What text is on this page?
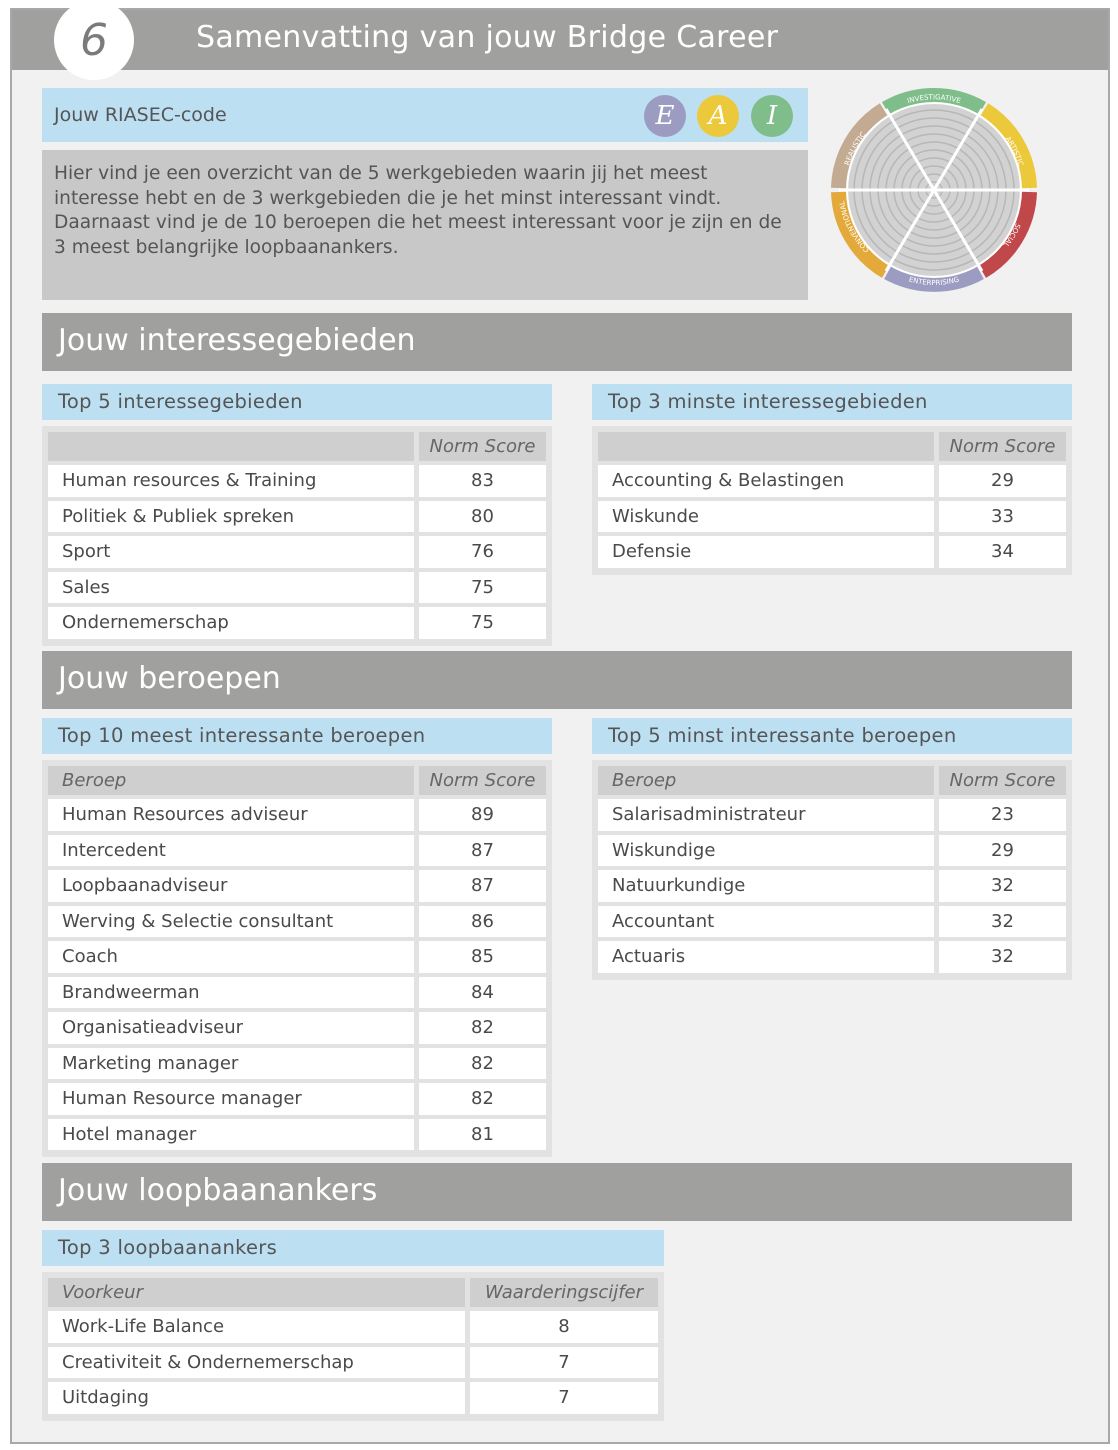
6	Samenvatting van jouw Bridge Career
Jouw RIASEC-code	E	A	I
Hier vind je een overzicht van de 5 werkgebieden waarin jij het meest interesse hebt en de 3 werkgebieden die je het minst interessant vindt. Daarnaast vind je de 10 beroepen die het meest interessant voor je zijn en de 3 meest belangrijke loopbaanankers.
INVESTIGATIVE
ARTISTIC
SOCIAL
ENTERPRISING
CONVENTIONAL
REALISTIC
Jouw interessegebieden
Top 5 interessegebieden
Norm Score
Human resources & Training	83
Politiek & Publiek spreken	80
Sport	76
Sales	75
Ondernemerschap	75
Top 3 minste interessegebieden
Norm Score
Accounting & Belastingen	29
Wiskunde	33
Defensie	34
Jouw beroepen
Top 10 meest interessante beroepen
Beroep	Norm Score
Human Resources adviseur	89
Intercedent	87
Loopbaanadviseur	87
Werving & Selectie consultant	86
Coach	85
Brandweerman	84
Organisatieadviseur	82
Marketing manager	82
Human Resource manager	82
Hotel manager	81
Top 5 minst interessante beroepen
Beroep	Norm Score
Salarisadministrateur	23
Wiskundige	29
Natuurkundige	32
Accountant	32
Actuaris	32
Jouw loopbaanankers
Top 3 loopbaanankers
Voorkeur	Waarderingscijfer
Work-Life Balance	8
Creativiteit & Ondernemerschap	7
Uitdaging	7
